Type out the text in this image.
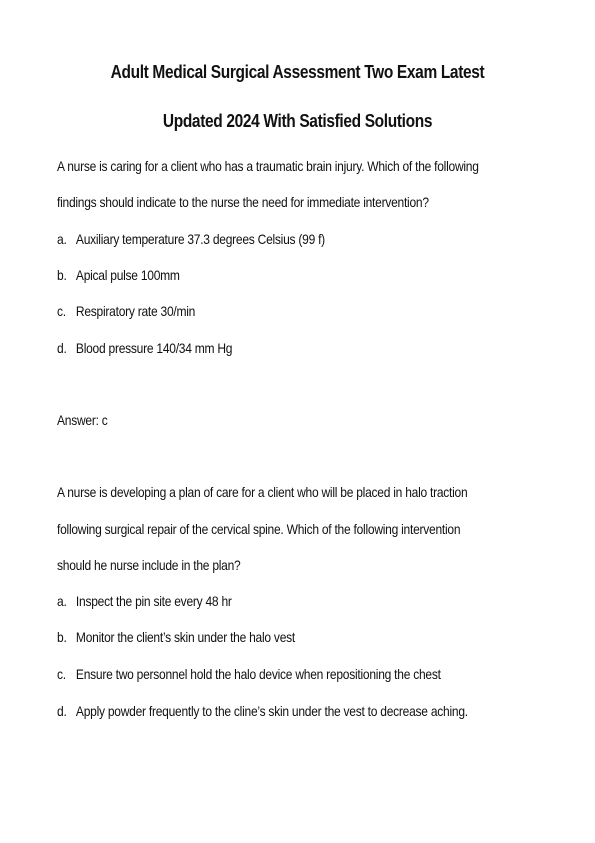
Adult Medical Surgical Assessment Two Exam Latest
Updated 2024 With Satisfied Solutions
A nurse is caring for a client who has a traumatic brain injury. Which of the following
findings should indicate to the nurse the need for immediate intervention?
a. Auxiliary temperature 37.3 degrees Celsius (99 f)
b. Apical pulse 100mm
c. Respiratory rate 30/min
d. Blood pressure 140/34 mm Hg
Answer: c
A nurse is developing a plan of care for a client who will be placed in halo traction
following surgical repair of the cervical spine. Which of the following intervention
should he nurse include in the plan?
a. Inspect the pin site every 48 hr
b. Monitor the client’s skin under the halo vest
c. Ensure two personnel hold the halo device when repositioning the chest
d. Apply powder frequently to the cline’s skin under the vest to decrease aching.
